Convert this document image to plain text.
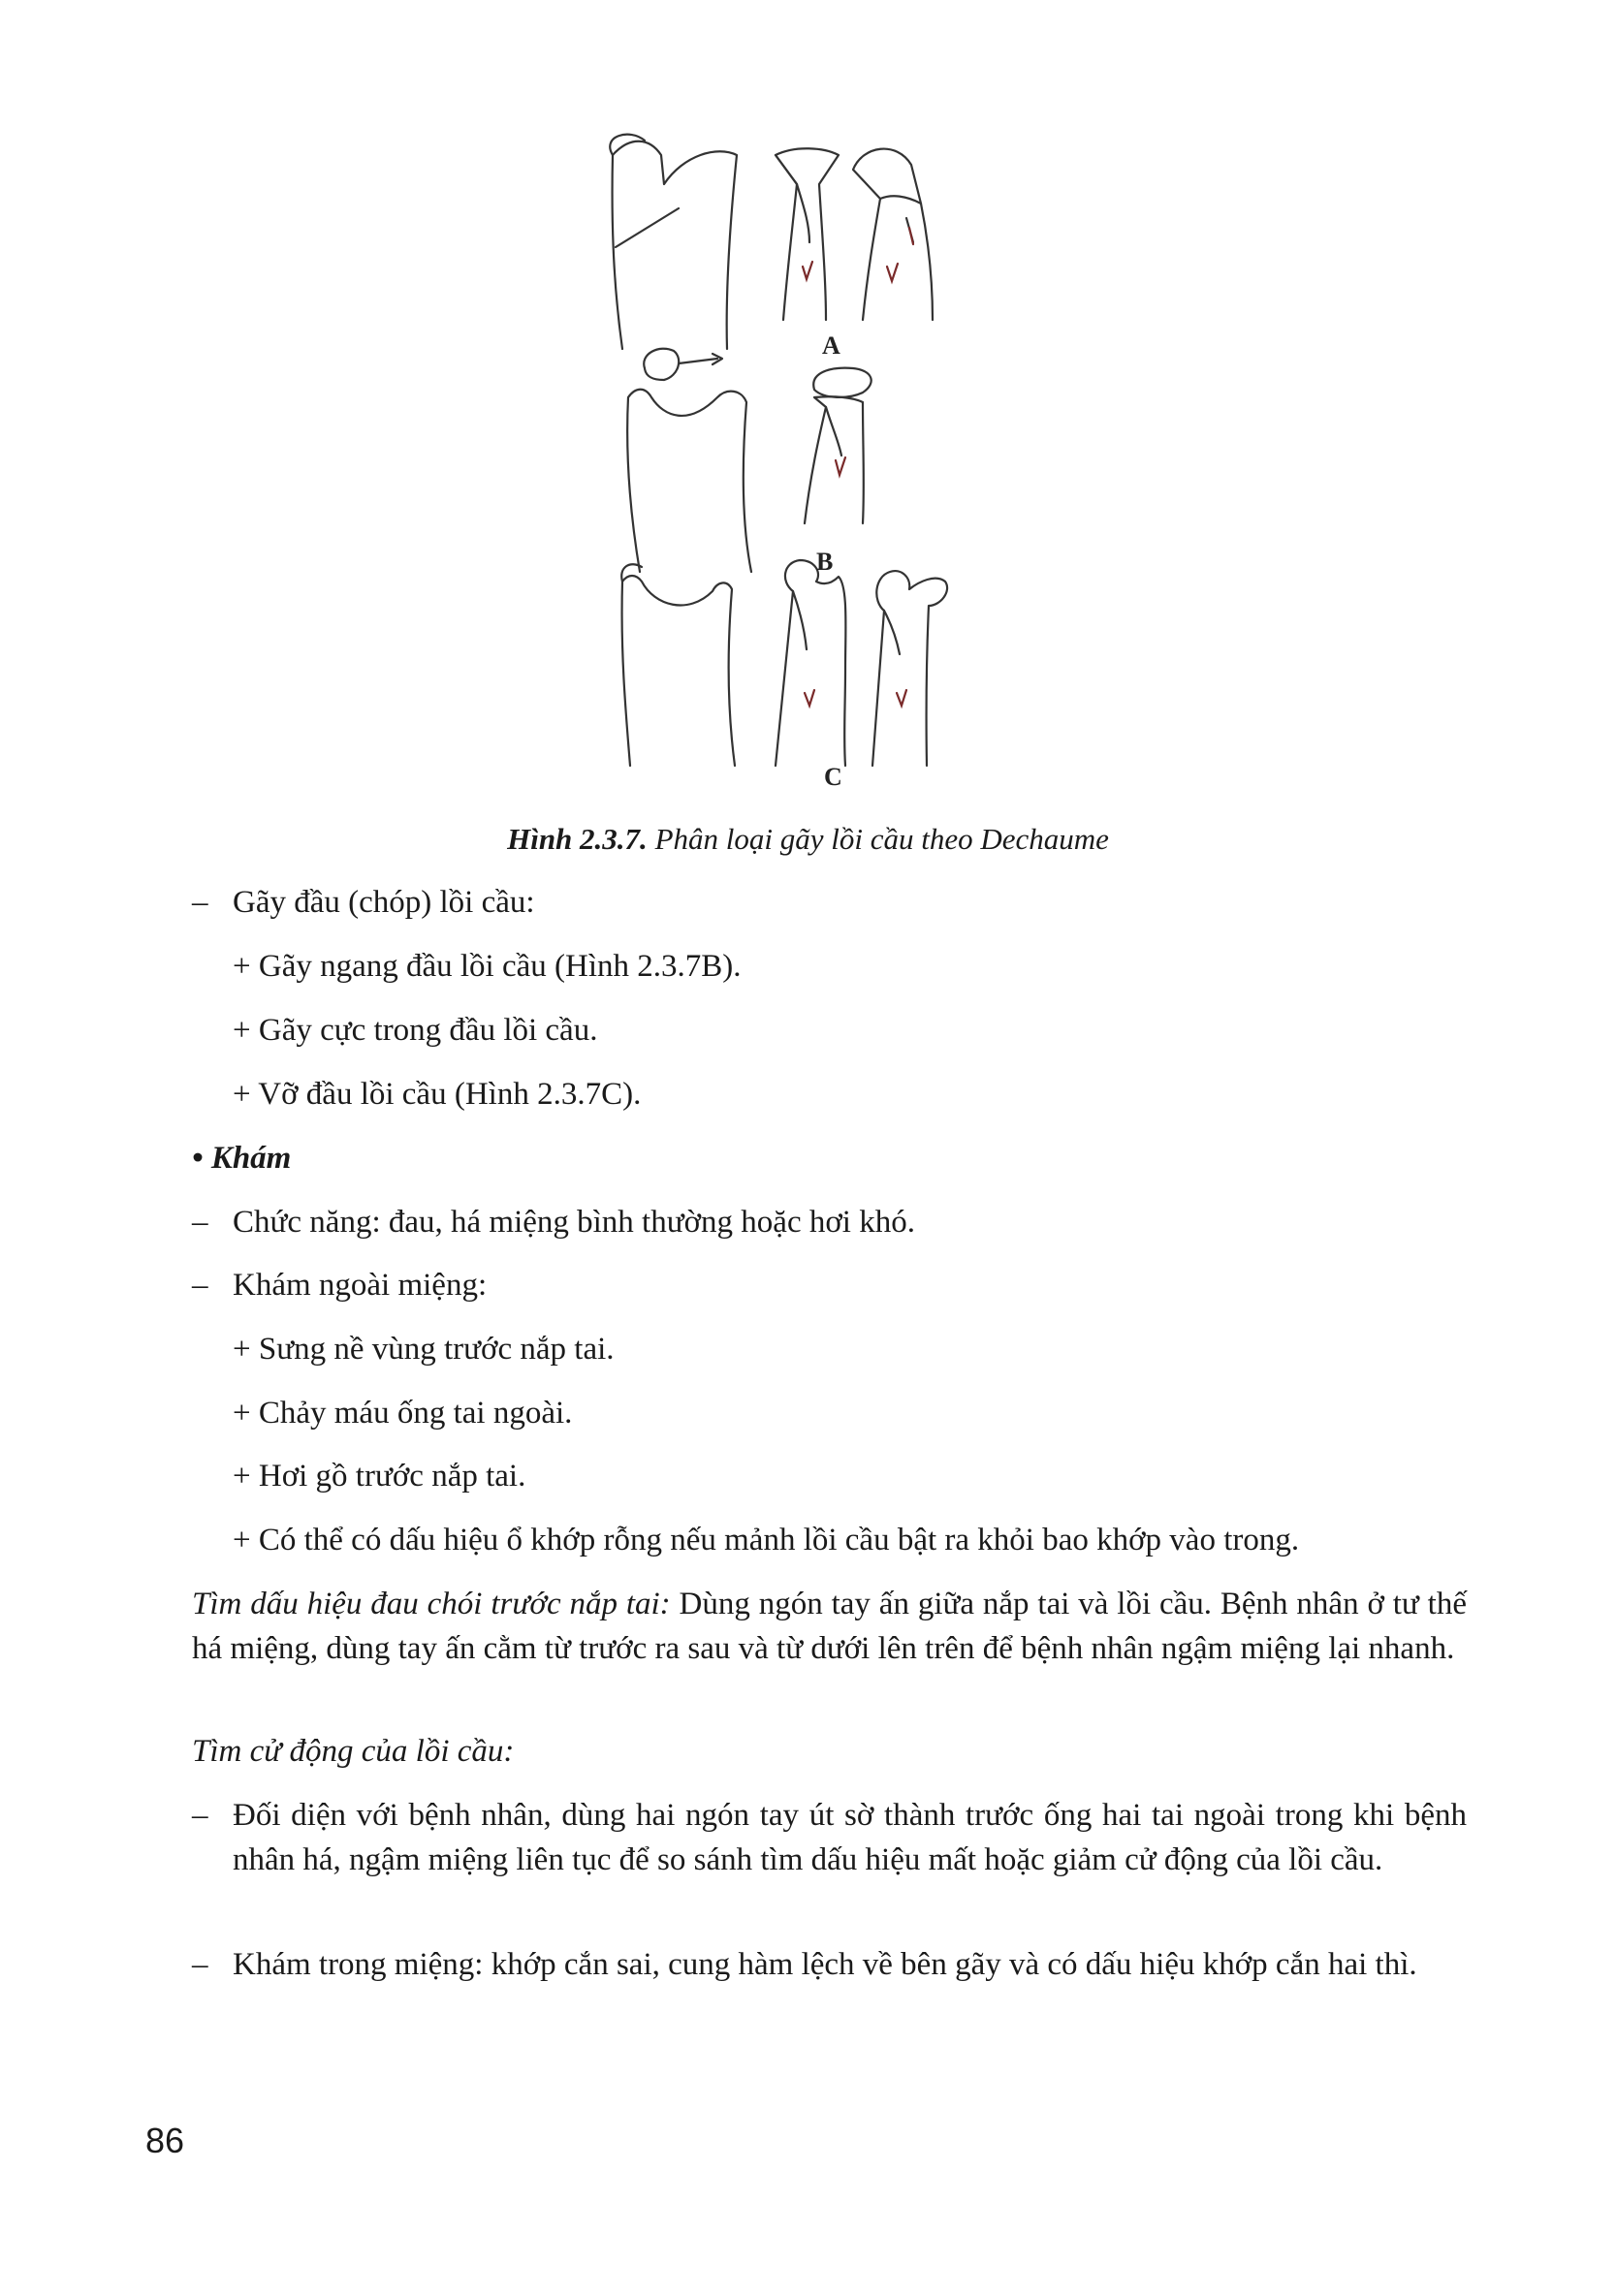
A
B
C
Hình 2.3.7. Phân loại gãy lồi cầu theo Dechaume
– Gãy đầu (chóp) lồi cầu:
+ Gãy ngang đầu lồi cầu (Hình 2.3.7B).
+ Gãy cực trong đầu lồi cầu.
+ Vỡ đầu lồi cầu (Hình 2.3.7C).
• Khám
– Chức năng: đau, há miệng bình thường hoặc hơi khó.
– Khám ngoài miệng:
+ Sưng nề vùng trước nắp tai.
+ Chảy máu ống tai ngoài.
+ Hơi gồ trước nắp tai.
+ Có thể có dấu hiệu ổ khớp rỗng nếu mảnh lồi cầu bật ra khỏi bao khớp vào trong.
Tìm dấu hiệu đau chói trước nắp tai: Dùng ngón tay ấn giữa nắp tai và lồi cầu. Bệnh nhân ở tư thế há miệng, dùng tay ấn cằm từ trước ra sau và từ dưới lên trên để bệnh nhân ngậm miệng lại nhanh.
Tìm cử động của lồi cầu:
– Đối diện với bệnh nhân, dùng hai ngón tay út sờ thành trước ống hai tai ngoài trong khi bệnh nhân há, ngậm miệng liên tục để so sánh tìm dấu hiệu mất hoặc giảm cử động của lồi cầu.
– Khám trong miệng: khớp cắn sai, cung hàm lệch về bên gãy và có dấu hiệu khớp cắn hai thì.
86
